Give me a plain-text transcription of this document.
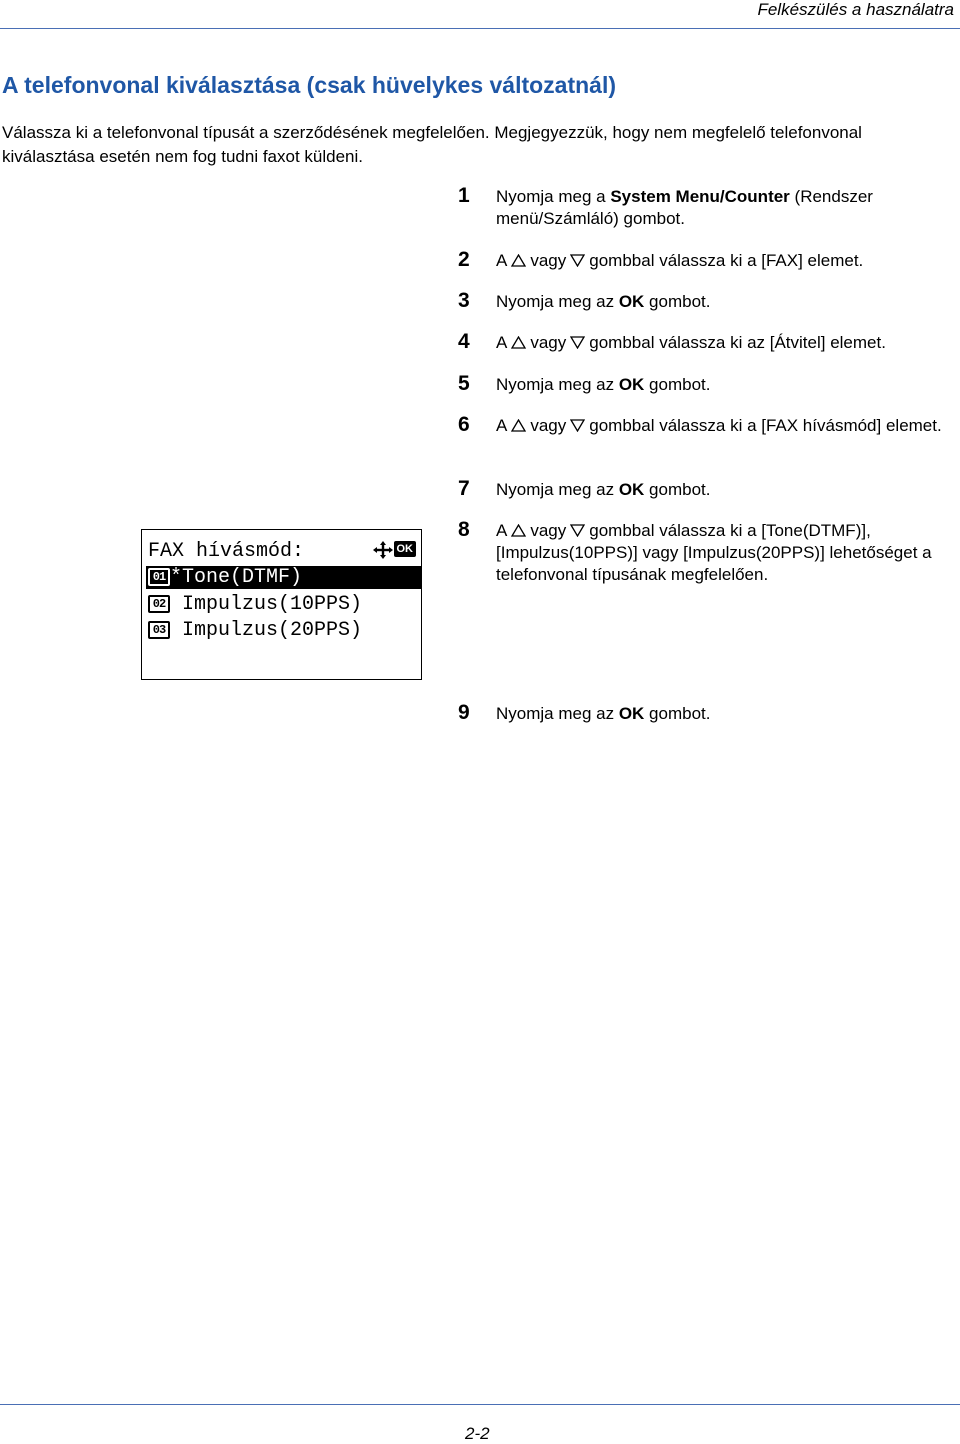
Felkészülés a használatra
A telefonvonal kiválasztása (csak hüvelykes változatnál)

Válassza ki a telefonvonal típusát a szerződésének megfelelően. Megjegyezzük, hogy nem megfelelő telefonvonal kiválasztása esetén nem fog tudni faxot küldeni.

1 Nyomja meg a System Menu/Counter (Rendszer menü/Számláló) gombot.
2 A vagy gombbal válassza ki a [FAX] elemet.
3 Nyomja meg az OK gombot.
4 A vagy gombbal válassza ki az [Átvitel] elemet.
5 Nyomja meg az OK gombot.
6 A vagy gombbal válassza ki a [FAX hívásmód] elemet.
7 Nyomja meg az OK gombot.
8 A vagy gombbal válassza ki a [Tone(DTMF)], [Impulzus(10PPS)] vagy [Impulzus(20PPS)] lehetőséget a telefonvonal típusának megfelelően.
FAX hívásmód:	OK
01 *Tone(DTMF)
02 Impulzus(10PPS)
03 Impulzus(20PPS)
9 Nyomja meg az OK gombot.
2-2
